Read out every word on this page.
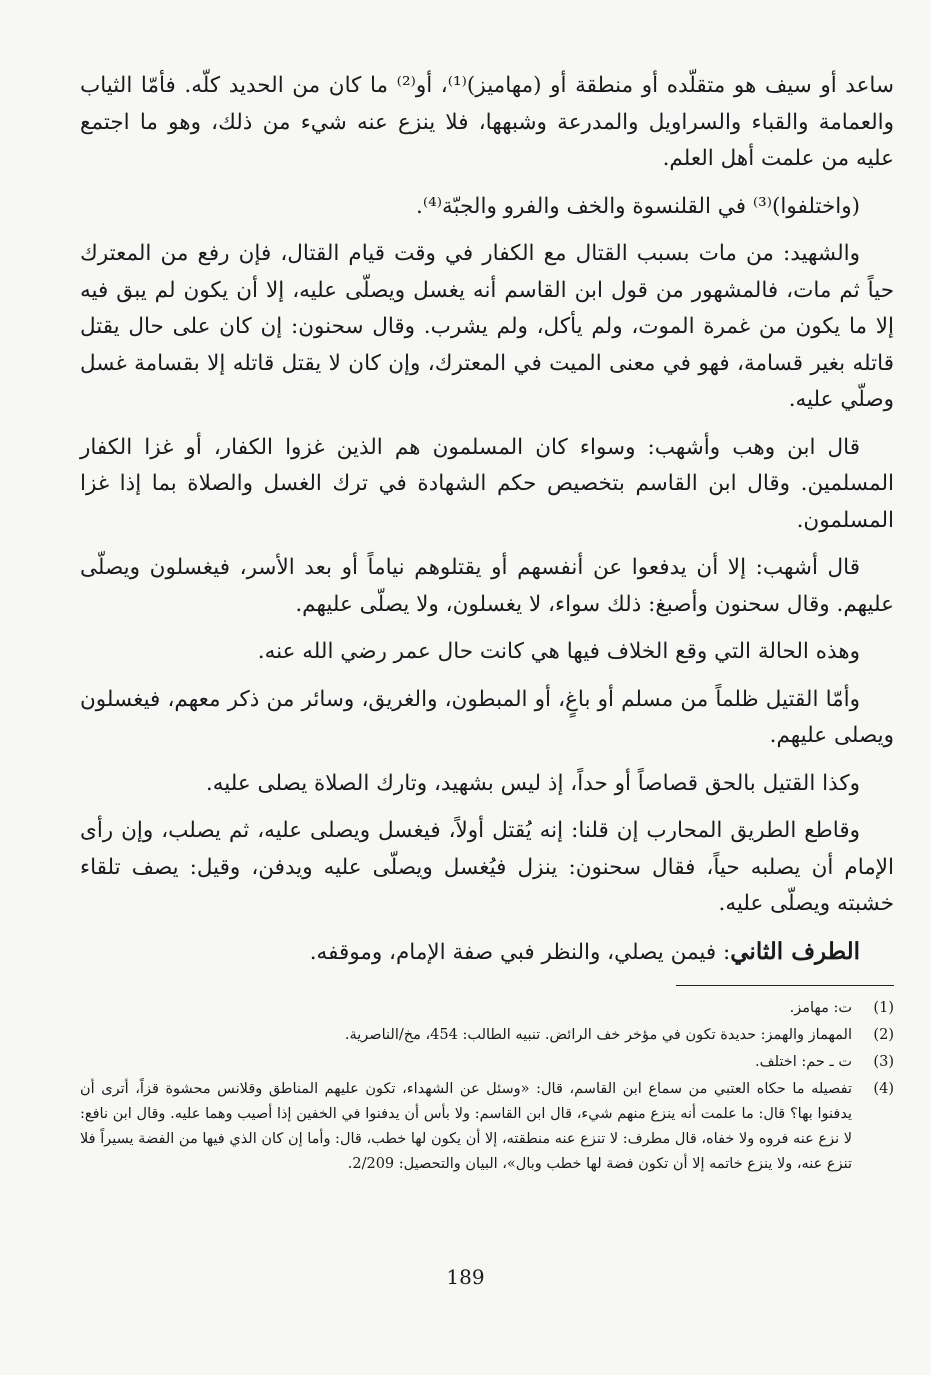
ساعد أو سيف هو متقلّده أو منطقة أو (مهاميز)⁽¹⁾، أو⁽²⁾ ما كان من الحديد كلّه. فأمّا الثياب والعمامة والقباء والسراويل والمدرعة وشبهها، فلا ينزع عنه شيء من ذلك، وهو ما اجتمع عليه من علمت أهل العلم.

(واختلفوا)⁽³⁾ في القلنسوة والخف والفرو والجبّة⁽⁴⁾.

والشهيد: من مات بسبب القتال مع الكفار في وقت قيام القتال، فإن رفع من المعترك حياً ثم مات، فالمشهور من قول ابن القاسم أنه يغسل ويصلّى عليه، إلا أن يكون لم يبق فيه إلا ما يكون من غمرة الموت، ولم يأكل، ولم يشرب. وقال سحنون: إن كان على حال يقتل قاتله بغير قسامة، فهو في معنى الميت في المعترك، وإن كان لا يقتل قاتله إلا بقسامة غسل وصلّي عليه.

قال ابن وهب وأشهب: وسواء كان المسلمون هم الذين غزوا الكفار، أو غزا الكفار المسلمين. وقال ابن القاسم بتخصيص حكم الشهادة في ترك الغسل والصلاة بما إذا غزا المسلمون.

قال أشهب: إلا أن يدفعوا عن أنفسهم أو يقتلوهم نياماً أو بعد الأسر، فيغسلون ويصلّى عليهم. وقال سحنون وأصبغ: ذلك سواء، لا يغسلون، ولا يصلّى عليهم.

وهذه الحالة التي وقع الخلاف فيها هي كانت حال عمر رضي الله عنه.

وأمّا القتيل ظلماً من مسلم أو باغٍ، أو المبطون، والغريق، وسائر من ذكر معهم، فيغسلون ويصلى عليهم.

وكذا القتيل بالحق قصاصاً أو حداً، إذ ليس بشهيد، وتارك الصلاة يصلى عليه.

وقاطع الطريق المحارب إن قلنا: إنه يُقتل أولاً، فيغسل ويصلى عليه، ثم يصلب، وإن رأى الإمام أن يصلبه حياً، فقال سحنون: ينزل فيُغسل ويصلّى عليه ويدفن، وقيل: يصف تلقاء خشبته ويصلّى عليه.

الطرف الثاني: فيمن يصلي، والنظر فبي صفة الإمام، وموقفه.

(1)
ت: مهامز.
(2)
المهماز والهمز: حديدة تكون في مؤخر خف الرائض. تنبيه الطالب: 454، مخ/الناصرية.
(3)
ت ـ حم: اختلف.
(4)
تفصيله ما حكاه العتبي من سماع ابن القاسم، قال: «وسئل عن الشهداء، تكون عليهم المناطق وقلانس محشوة قزاً، أترى أن يدفنوا بها؟ قال: ما علمت أنه ينزع منهم شيء، قال ابن القاسم: ولا بأس أن يدفنوا في الخفين إذا أصيب وهما عليه. وقال ابن نافع: لا نزع عنه فروه ولا خفاه، قال مطرف: لا تنزع عنه منطقته، إلا أن يكون لها خطب، قال: وأما إن كان الذي فيها من الفضة يسيراً فلا تنزع عنه، ولا ينزع خاتمه إلا أن تكون فضة لها خطب وبال»، البيان والتحصيل: 2/209.
189
